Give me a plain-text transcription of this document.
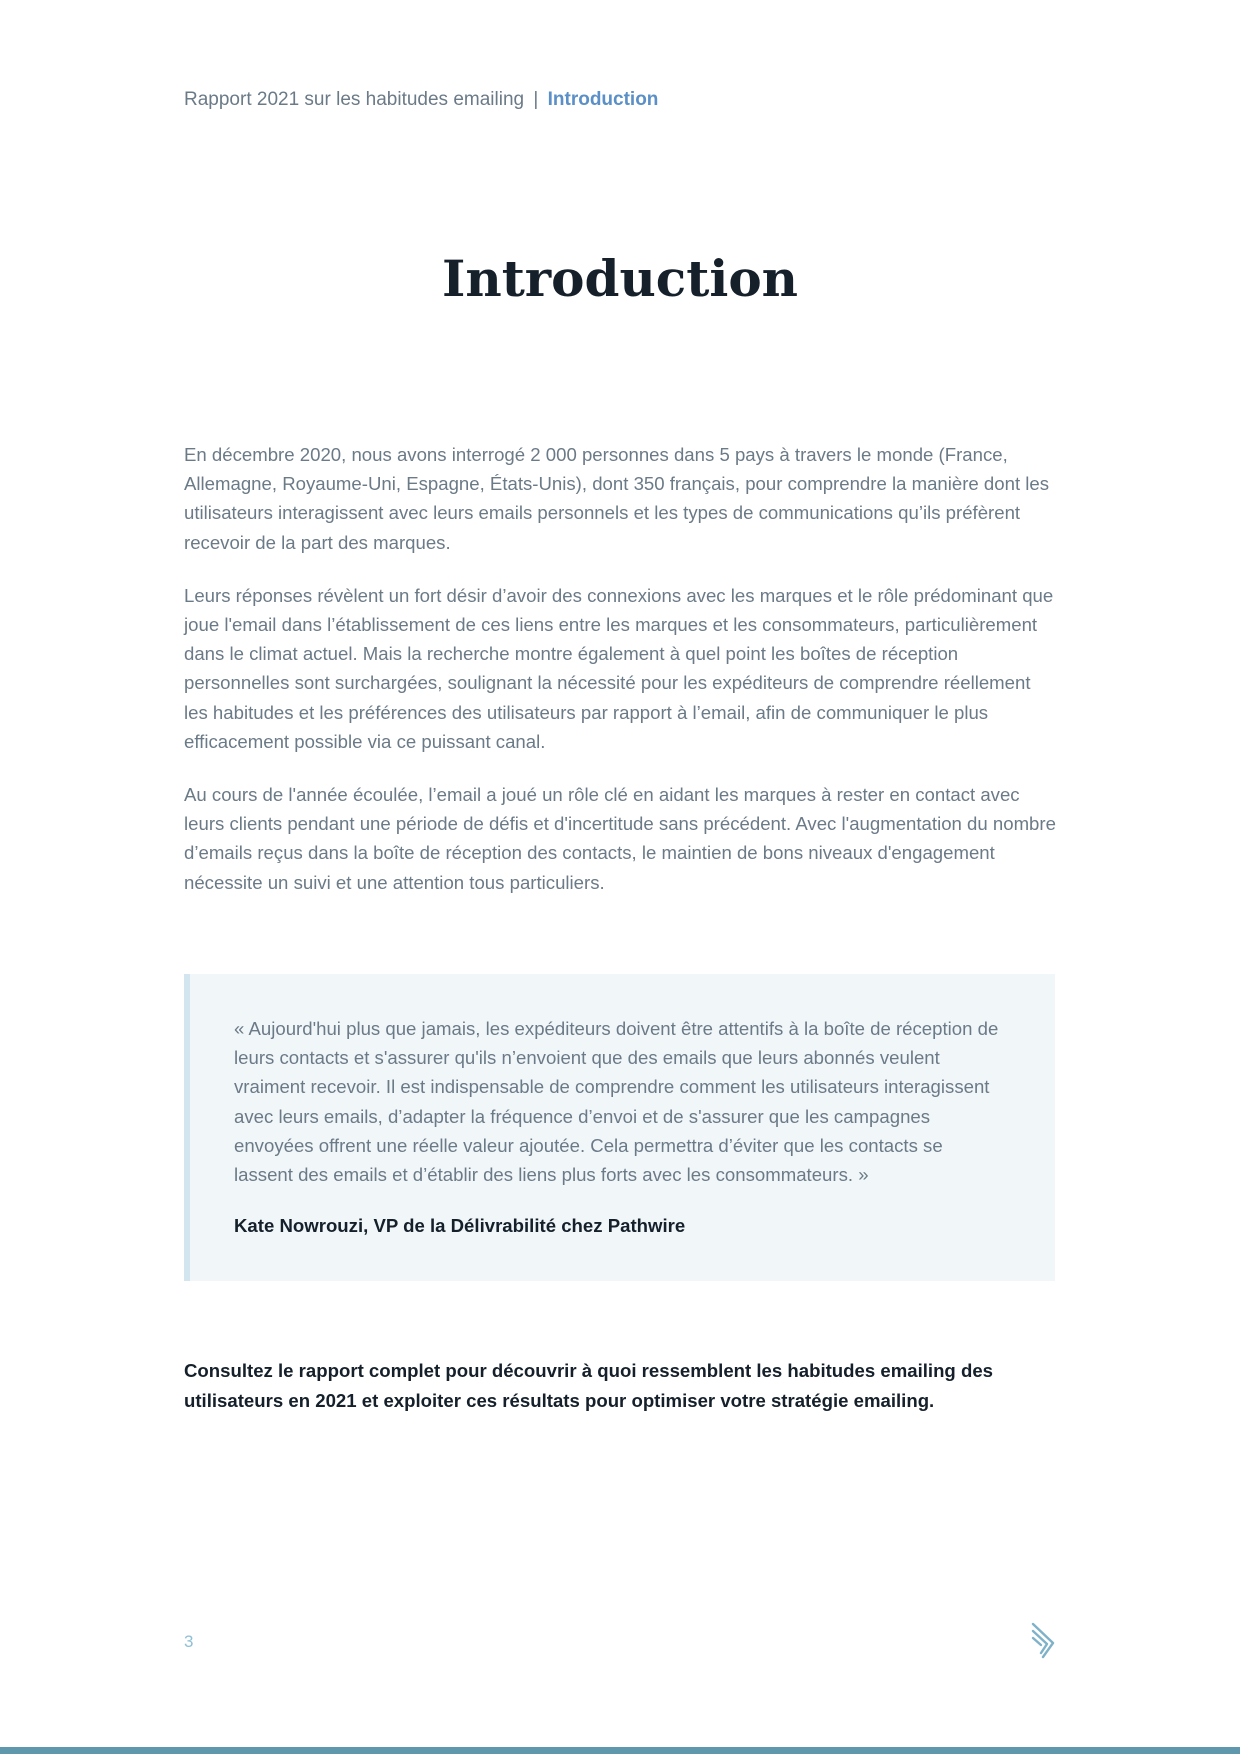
Rapport 2021 sur les habitudes emailing | Introduction
Introduction

En décembre 2020, nous avons interrogé 2 000 personnes dans 5 pays à travers le monde (France, Allemagne, Royaume-Uni, Espagne, États-Unis), dont 350 français, pour comprendre la manière dont les utilisateurs interagissent avec leurs emails personnels et les types de communications qu’ils préfèrent recevoir de la part des marques.

Leurs réponses révèlent un fort désir d’avoir des connexions avec les marques et le rôle prédominant que joue l'email dans l’établissement de ces liens entre les marques et les consommateurs, particulièrement dans le climat actuel. Mais la recherche montre également à quel point les boîtes de réception personnelles sont surchargées, soulignant la nécessité pour les expéditeurs de comprendre réellement les habitudes et les préférences des utilisateurs par rapport à l’email, afin de communiquer le plus efficacement possible via ce puissant canal.

Au cours de l'année écoulée, l’email a joué un rôle clé en aidant les marques à rester en contact avec leurs clients pendant une période de défis et d'incertitude sans précédent. Avec l'augmentation du nombre d’emails reçus dans la boîte de réception des contacts, le maintien de bons niveaux d'engagement nécessite un suivi et une attention tous particuliers.

« Aujourd'hui plus que jamais, les expéditeurs doivent être attentifs à la boîte de réception de leurs contacts et s'assurer qu'ils n’envoient que des emails que leurs abonnés veulent vraiment recevoir. Il est indispensable de comprendre comment les utilisateurs interagissent avec leurs emails, d’adapter la fréquence d’envoi et de s'assurer que les campagnes envoyées offrent une réelle valeur ajoutée. Cela permettra d’éviter que les contacts se lassent des emails et d’établir des liens plus forts avec les consommateurs. »

Kate Nowrouzi, VP de la Délivrabilité chez Pathwire

Consultez le rapport complet pour découvrir à quoi ressemblent les habitudes emailing des utilisateurs en 2021 et exploiter ces résultats pour optimiser votre stratégie emailing.

3
